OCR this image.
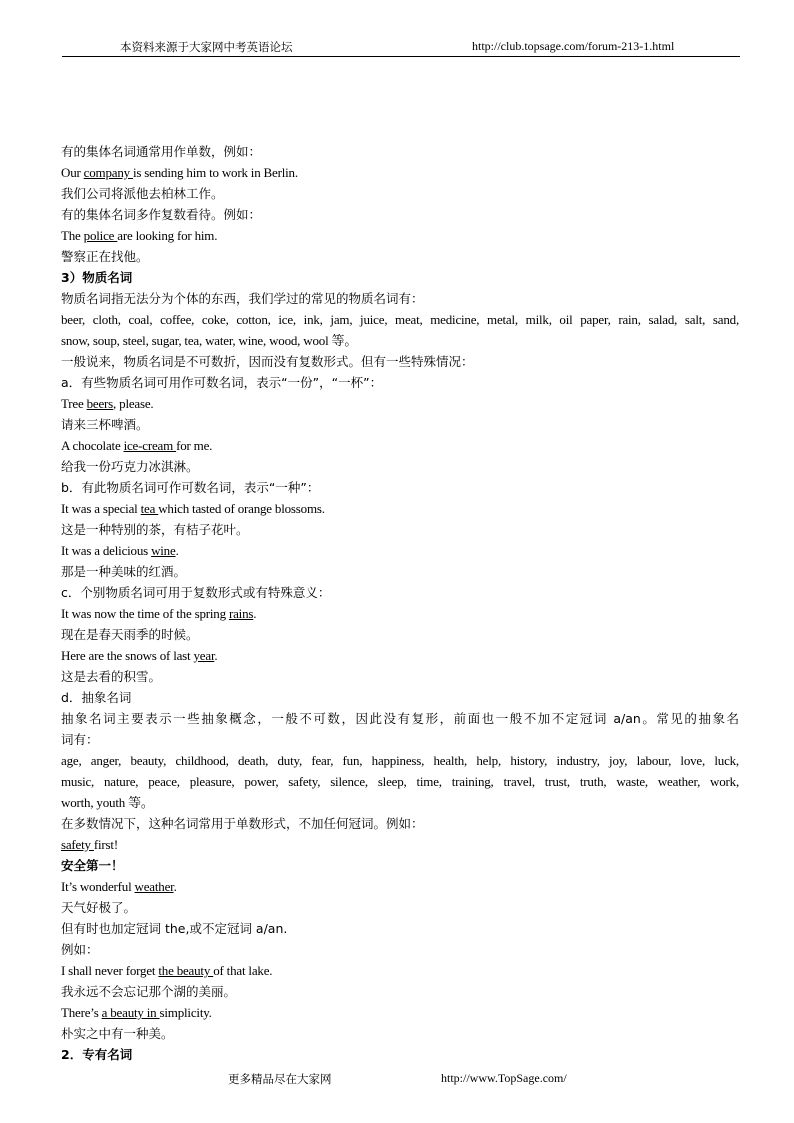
本资料来源于大家网中考英语论坛	http://club.topsage.com/forum-213-1.html
有的集体名词通常用作单数，例如：
Our company is sending him to work in Berlin.
我们公司将派他去柏林工作。
有的集体名词多作复数看待。例如：
The police are looking for him.
警察正在找他。
3）物质名词
物质名词指无法分为个体的东西，我们学过的常见的物质名词有：
beer, cloth, coal, coffee, coke, cotton, ice, ink, jam, juice, meat, medicine, metal, milk, oil paper, rain, salad, salt, sand,
snow, soup, steel, sugar, tea, water, wine, wood, wool 等。
一般说来，物质名词是不可数折，因而没有复数形式。但有一些特殊情况：
a．有些物质名词可用作可数名词，表示“一份”，“一杯”：
Tree beers, please.
请来三杯啤酒。
A chocolate ice-cream for me.
给我一份巧克力冰淇淋。
b．有此物质名词可作可数名词，表示“一种”：
It was a special tea which tasted of orange blossoms.
这是一种特别的茶，有桔子花叶。
It was a delicious wine.
那是一种美味的红酒。
c．个别物质名词可用于复数形式或有特殊意义：
It was now the time of the spring rains.
现在是春天雨季的时候。
Here are the snows of last year.
这是去看的积雪。
d．抽象名词
抽象名词主要表示一些抽象概念，一般不可数，因此没有复形，前面也一般不加不定冠词 a/an。常见的抽象名
词有：
age, anger, beauty, childhood, death, duty, fear, fun, happiness, health, help, history, industry, joy, labour, love, luck,
music, nature, peace, pleasure, power, safety, silence, sleep, time, training, travel, trust, truth, waste, weather, work,
worth, youth 等。
在多数情况下，这种名词常用于单数形式，不加任何冠词。例如：
safety first!
安全第一！
It’s wonderful weather.
天气好极了。
但有时也加定冠词 the,或不定冠词 a/an.
例如：
I shall never forget the beauty of that lake.
我永远不会忘记那个湖的美丽。
There’s a beauty in simplicity.
朴实之中有一种美。
2．专有名词
更多精品尽在大家网	http://www.TopSage.com/
